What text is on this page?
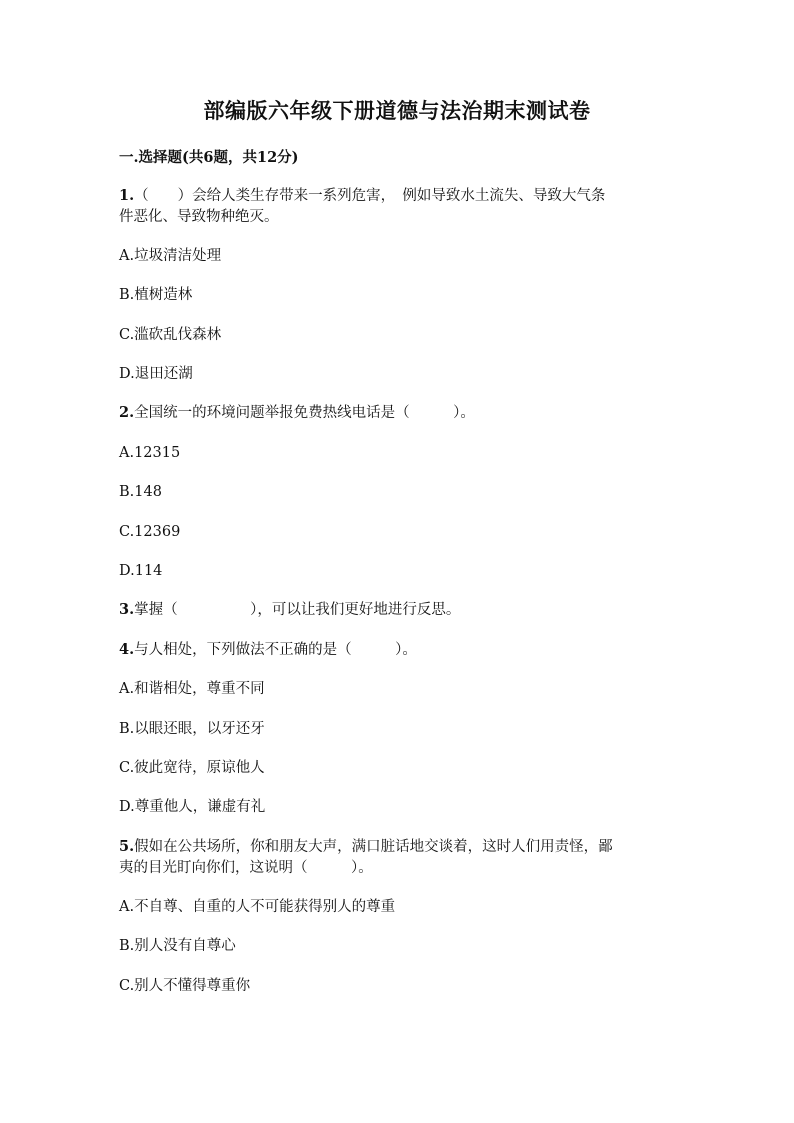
部编版六年级下册道德与法治期末测试卷
一.选择题(共6题，共12分)
1.（　　）会给人类生存带来一系列危害，　例如导致水土流失、导致大气条
件恶化、导致物种绝灭。
A.垃圾清洁处理
B.植树造林
C.滥砍乱伐森林
D.退田还湖
2.全国统一的环境问题举报免费热线电话是（　　　）。
A.12315
B.148
C.12369
D.114
3.掌握（　　　　　），可以让我们更好地进行反思。
4.与人相处，下列做法不正确的是（　　　）。
A.和谐相处，尊重不同
B.以眼还眼，以牙还牙
C.彼此宽待，原谅他人
D.尊重他人，谦虚有礼
5.假如在公共场所，你和朋友大声，满口脏话地交谈着，这时人们用责怪，鄙
夷的目光盯向你们，这说明（　　　）。
A.不自尊、自重的人不可能获得别人的尊重
B.别人没有自尊心
C.别人不懂得尊重你
